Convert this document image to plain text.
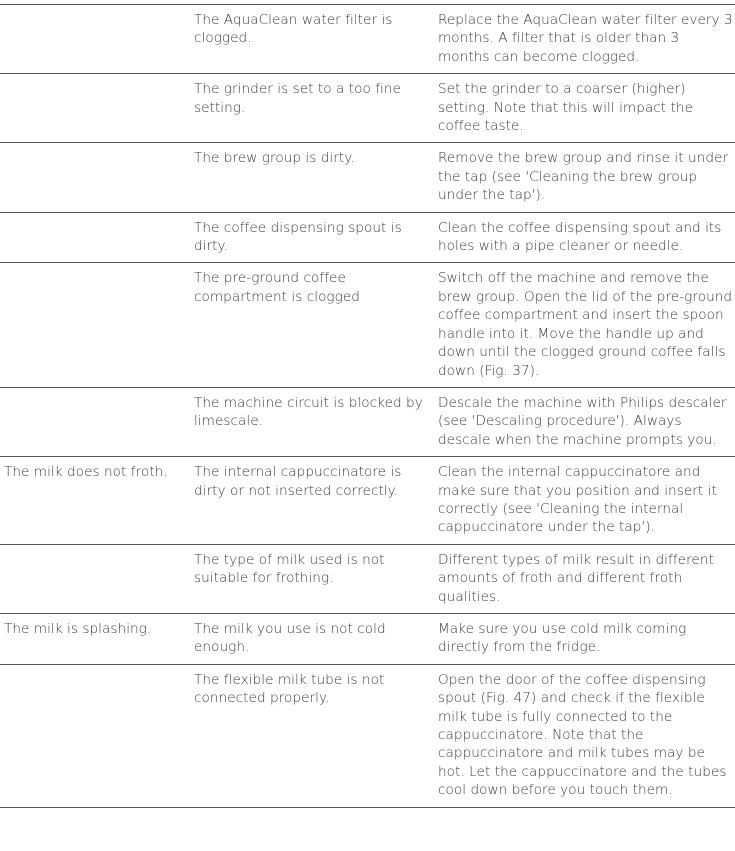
	The AquaClean water filter is clogged.	Replace the AquaClean water filter every 3 months. A filter that is older than 3 months can become clogged.
	The grinder is set to a too fine setting.	Set the grinder to a coarser (higher) setting. Note that this will impact the coffee taste.
	The brew group is dirty.	Remove the brew group and rinse it under the tap (see 'Cleaning the brew group under the tap').
	The coffee dispensing spout is dirty.	Clean the coffee dispensing spout and its holes with a pipe cleaner or needle.
	The pre-ground coffee compartment is clogged	Switch off the machine and remove the brew group. Open the lid of the pre-ground coffee compartment and insert the spoon handle into it. Move the handle up and down until the clogged ground coffee falls down (Fig. 37).
	The machine circuit is blocked by limescale.	Descale the machine with Philips descaler (see 'Descaling procedure'). Always descale when the machine prompts you.
The milk does not froth.	The internal cappuccinatore is dirty or not inserted correctly.	Clean the internal cappuccinatore and make sure that you position and insert it correctly (see 'Cleaning the internal cappuccinatore under the tap').
	The type of milk used is not suitable for frothing.	Different types of milk result in different amounts of froth and different froth qualities.
The milk is splashing.	The milk you use is not cold enough.	Make sure you use cold milk coming directly from the fridge.
	The flexible milk tube is not connected properly.	Open the door of the coffee dispensing spout (Fig. 47) and check if the flexible milk tube is fully connected to the cappuccinatore. Note that the cappuccinatore and milk tubes may be hot. Let the cappuccinatore and the tubes cool down before you touch them.
